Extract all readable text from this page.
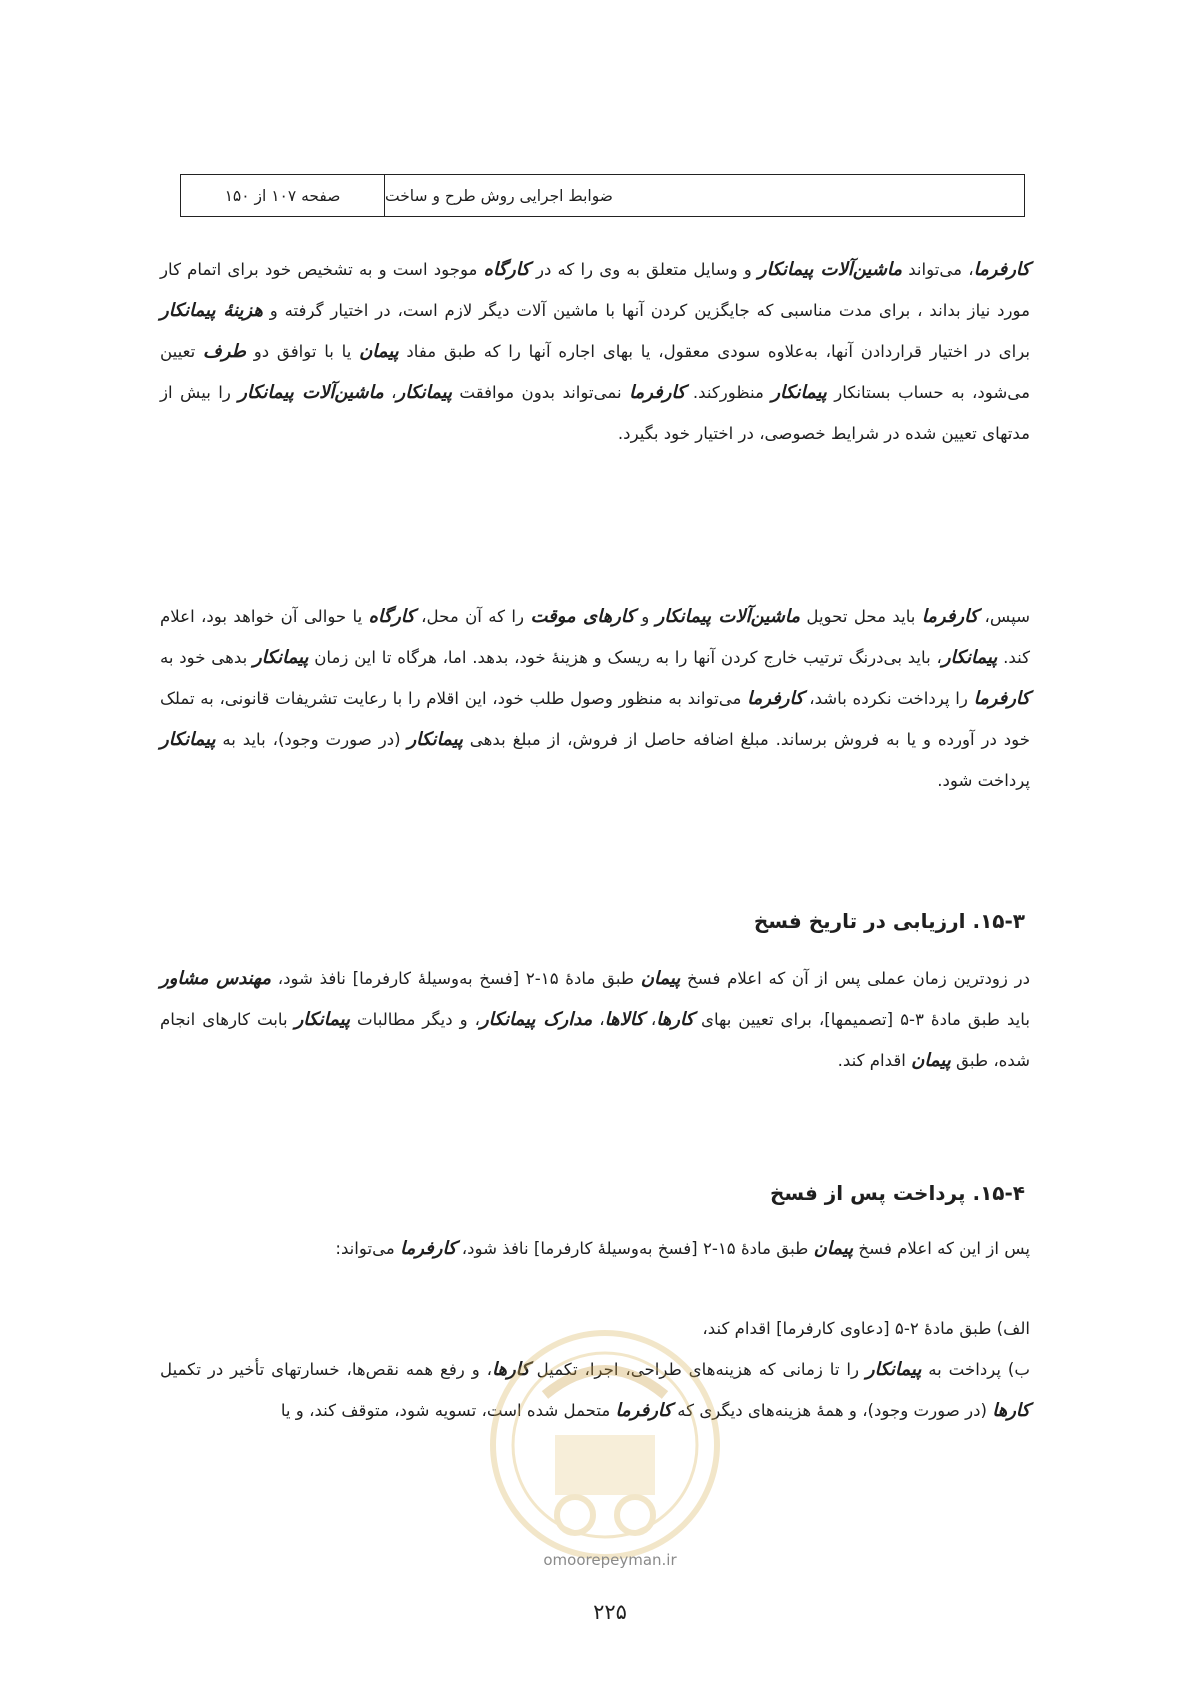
صفحه ۱۰۷ از ۱۵۰	ضوابط اجرایی روش طرح و ساخت

کارفرما، می‌تواند ماشین‌آلات پیمانکار و وسایل متعلق به وی را که در کارگاه موجود است و به تشخیص خود برای اتمام کار مورد نیاز بداند ، برای مدت مناسبی که جایگزین کردن آنها با ماشین آلات دیگر لازم است، در اختیار گرفته و هزینهٔ پیمانکار برای در اختیار قراردادن آنها، به‌علاوه سودی معقول، یا بهای اجاره آنها را که طبق مفاد پیمان یا با توافق دو طرف تعیین می‌شود، به حساب بستانکار پیمانکار منظورکند. کارفرما نمی‌تواند بدون موافقت پیمانکار، ماشین‌آلات پیمانکار را بیش از مدتهای تعیین شده در شرایط خصوصی، در اختیار خود بگیرد.

سپس، کارفرما باید محل تحویل ماشین‌آلات پیمانکار و کارهای موقت را که آن محل، کارگاه یا حوالی آن خواهد بود، اعلام کند. پیمانکار، باید بی‌درنگ ترتیب خارج کردن آنها را به ریسک و هزینهٔ خود، بدهد. اما، هرگاه تا این زمان پیمانکار بدهی خود به کارفرما را پرداخت نکرده باشد، کارفرما می‌تواند به منظور وصول طلب خود، این اقلام را با رعایت تشریفات قانونی، به تملک خود در آورده و یا به فروش برساند. مبلغ اضافه حاصل از فروش، از مبلغ بدهی پیمانکار (در صورت وجود)، باید به پیمانکار پرداخت شود.

۱۵-۳. ارزیابی در تاریخ فسخ

در زودترین زمان عملی پس از آن که اعلام فسخ پیمان طبق مادهٔ ۱۵-۲ [فسخ به‌وسیلهٔ کارفرما] نافذ شود، مهندس مشاور باید طبق مادهٔ ۳-۵ [تصمیمها]، برای تعیین بهای کارها، کالاها، مدارک پیمانکار، و دیگر مطالبات پیمانکار بابت کارهای انجام شده، طبق پیمان اقدام کند.

۱۵-۴. پرداخت پس از فسخ

پس از این که اعلام فسخ پیمان طبق مادهٔ ۱۵-۲ [فسخ به‌وسیلهٔ کارفرما] نافذ شود، کارفرما می‌تواند:

الف) طبق مادهٔ ۲-۵ [دعاوی کارفرما] اقدام کند،

ب) پرداخت به پیمانکار را تا زمانی که هزینه‌های طراحی، اجرا، تکمیل کارها، و رفع همه نقص‌ها، خسارتهای تأخیر در تکمیل کارها (در صورت وجود)، و همهٔ هزینه‌های دیگری که کارفرما متحمل شده است، تسویه شود، متوقف کند، و یا

omoorepeyman.ir
۲۲۵
